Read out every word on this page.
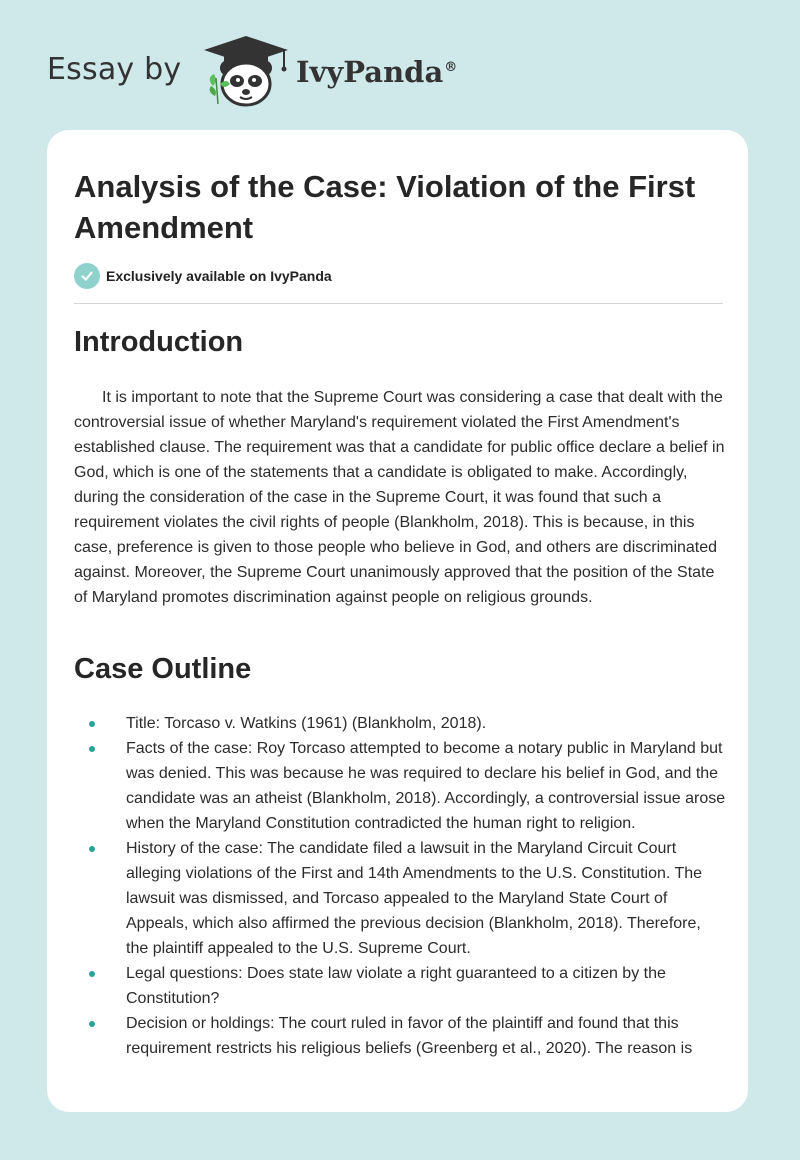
Essay by	IvyPanda®
Analysis of the Case: Violation of the First Amendment
Exclusively available on IvyPanda
Introduction

It is important to note that the Supreme Court was considering a case that dealt with the controversial issue of whether Maryland's requirement violated the First Amendment's established clause. The requirement was that a candidate for public office declare a belief in God, which is one of the statements that a candidate is obligated to make. Accordingly, during the consideration of the case in the Supreme Court, it was found that such a requirement violates the civil rights of people (Blankholm, 2018). This is because, in this case, preference is given to those people who believe in God, and others are discriminated against. Moreover, the Supreme Court unanimously approved that the position of the State of Maryland promotes discrimination against people on religious grounds.

Case Outline
Title: Torcaso v. Watkins (1961) (Blankholm, 2018).
Facts of the case: Roy Torcaso attempted to become a notary public in Maryland but was denied. This was because he was required to declare his belief in God, and the candidate was an atheist (Blankholm, 2018). Accordingly, a controversial issue arose when the Maryland Constitution contradicted the human right to religion.
History of the case: The candidate filed a lawsuit in the Maryland Circuit Court alleging violations of the First and 14th Amendments to the U.S. Constitution. The lawsuit was dismissed, and Torcaso appealed to the Maryland State Court of Appeals, which also affirmed the previous decision (Blankholm, 2018). Therefore, the plaintiff appealed to the U.S. Supreme Court.
Legal questions: Does state law violate a right guaranteed to a citizen by the Constitution?
Decision or holdings: The court ruled in favor of the plaintiff and found that this requirement restricts his religious beliefs (Greenberg et al., 2020). The reason is
